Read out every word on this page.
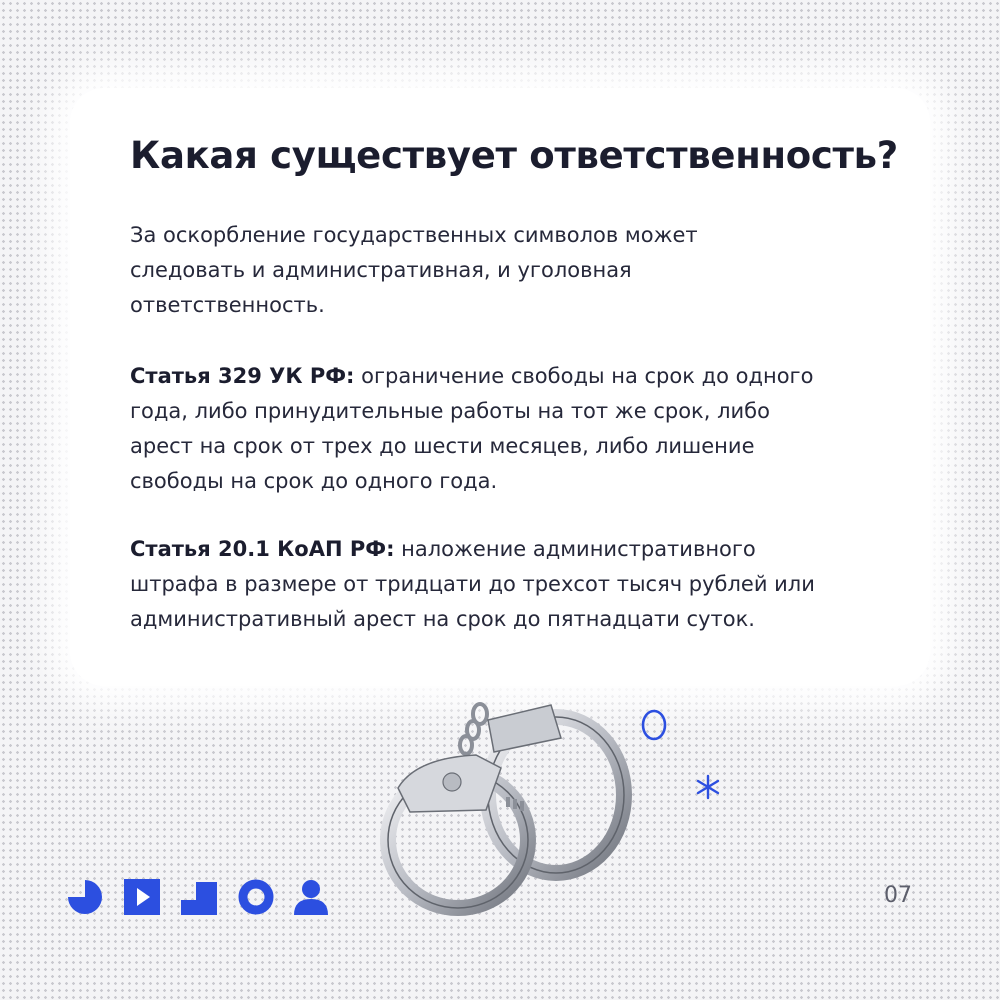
Какая существует ответственность?

За оскорбление государственных символов может
следовать и административная, и уголовная
ответственность.

Статья 329 УК РФ: ограничение свободы на срок до одного
года, либо принудительные работы на тот же срок, либо
арест на срок от трех до шести месяцев, либо лишение
свободы на срок до одного года.

Статья 20.1 КоАП РФ: наложение административного
штрафа в размере от тридцати до трехсот тысяч рублей или
административный арест на срок до пятнадцати суток.

07
